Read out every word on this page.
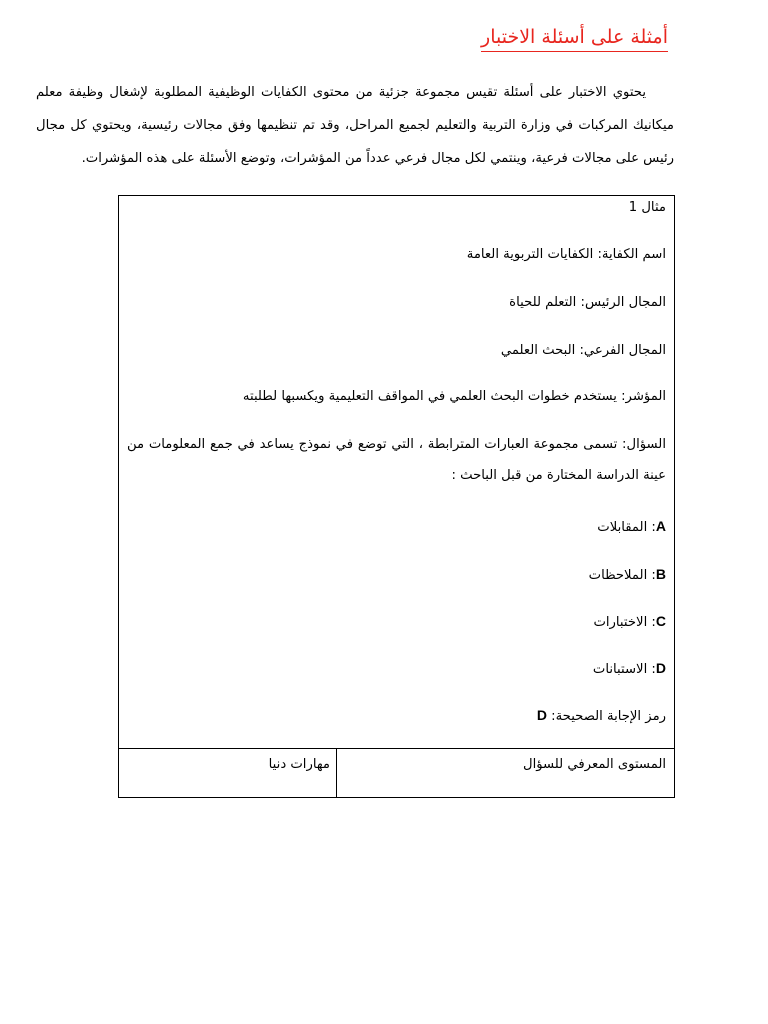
أمثلة على أسئلة الاختبار

يحتوي الاختبار على أسئلة تقيس مجموعة جزئية من محتوى الكفايات الوظيفية المطلوبة لإشغال وظيفة معلم ميكانيك المركبات في وزارة التربية والتعليم لجميع المراحل، وقد تم تنظيمها وفق مجالات رئيسية، ويحتوي كل مجال رئيس على مجالات فرعية، وينتمي لكل مجال فرعي عدداً من المؤشرات، وتوضع الأسئلة على هذه المؤشرات.

مثال 1
اسم الكفاية: الكفايات التربوية العامة
المجال الرئيس: التعلم للحياة
المجال الفرعي: البحث العلمي
المؤشر: يستخدم خطوات البحث العلمي في المواقف التعليمية ويكسبها لطلبته
السؤال: تسمى مجموعة العبارات المترابطة ، التي توضع في نموذج يساعد في جمع المعلومات من عينة الدراسة المختارة من قبل الباحث :
A: المقابلات
B: الملاحظات
C: الاختبارات
D: الاستبانات
رمز الإجابة الصحيحة: D
المستوى المعرفي للسؤال
مهارات دنيا
